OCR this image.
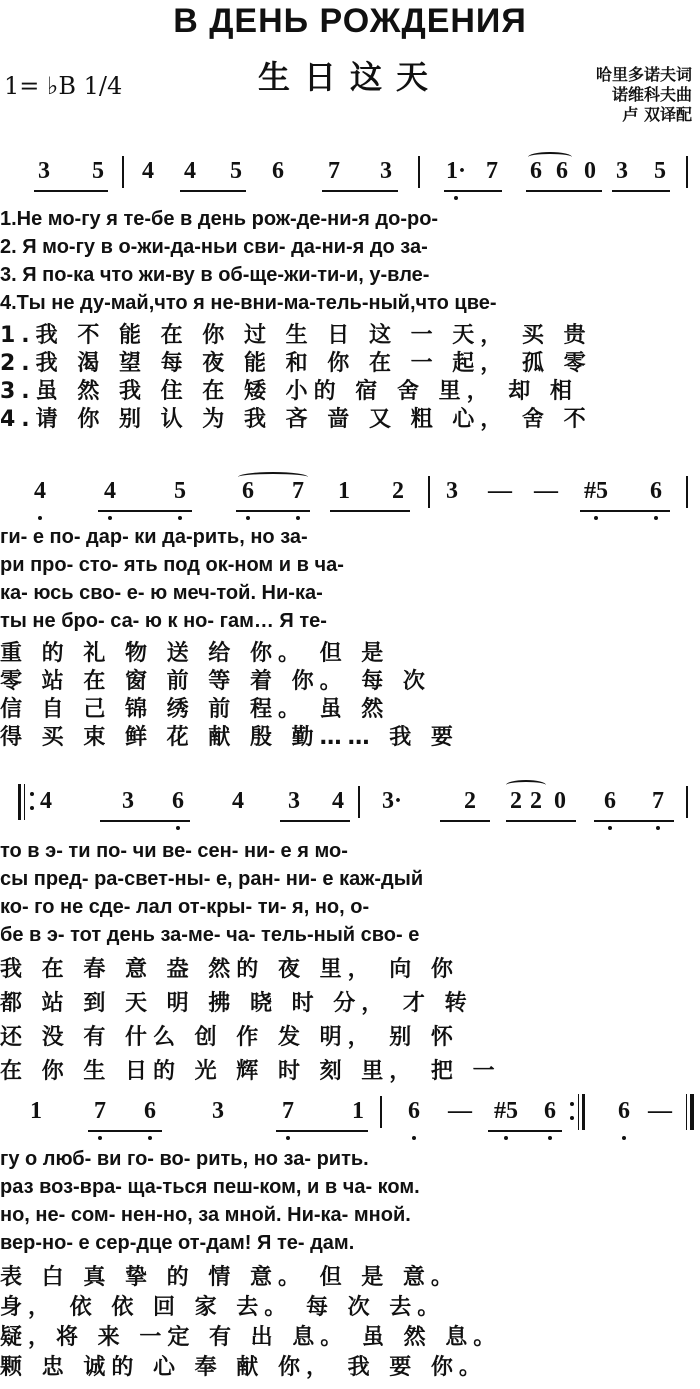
В ДЕНЬ РОЖДЕНИЯ
生日这天
1= ♭B 1/4	哈里多诺夫词
诺维科夫曲
卢 双译配
3 5 4 4 5 6 7 3 1· 7 6 6 0 3 5
1.Не мо-гу я те-бе в день рож-де-ни-я до-ро-
2. Я мо-гу в о-жи-да-ньи сви- да-ни-я до за-
3. Я по-ка что жи-ву в об-ще-жи-ти-и, у-вле-
4.Ты не ду-май,что я не-вни-ма-тель-ный,что цве-
1.我 不 能 在 你 过 生 日 这 一 天， 买 贵
2.我 渴 望 每 夜 能 和 你 在 一 起， 孤 零
3.虽 然 我 住 在 矮 小的 宿 舍 里， 却 相
4.请 你 别 认 为 我 吝 啬 又 粗 心， 舍 不
4 4 5 6 7 1 2 3 — — #5 6
ги- е по- дар- ки да-рить, но за-
ри про- сто- ять под ок-ном и в ча-
ка- юсь сво- е- ю меч-той. Ни-ка-
ты не бро- са- ю к но- гам… Я те-
重 的 礼 物 送 给 你。 但 是
零 站 在 窗 前 等 着 你。 每 次
信 自 己 锦 绣 前 程。 虽 然
得 买 束 鲜 花 献 殷 勤…… 我 要
4	3 6 4 3 4 3·	2 2 2 0 6 7
то в э- ти по- чи ве- сен- ни- е я мо-
сы пред- ра-свет-ны- е, ран- ни- е каж-дый
ко- го не сде- лал от-кры- ти- я, но, о-
бе в э- тот день за-ме- ча- тель-ный сво- е
我 在 春 意 盎 然的 夜 里， 向 你
都 站 到 天 明 拂 晓 时 分， 才 转
还 没 有 什么 创 作 发 明， 别 怀
在 你 生 日的 光 辉 时 刻 里， 把 一
1 7 6 3 7 1 6 — #5 6	6 —
гу о люб- ви го- во- рить, но за- рить.
раз воз-вра- ща-ться пеш-ком, и в ча- ком.
но, не- сом- нен-но, за мной. Ни-ка- мной.
вер-но- е сер-дце от-дам! Я те- дам.
表 白 真 挚 的 情 意。 但 是 意。
身， 依 依 回 家 去。 每 次 去。
疑，将 来 一定 有 出 息。 虽 然 息。
颗 忠 诚的 心 奉 献 你， 我 要 你。
